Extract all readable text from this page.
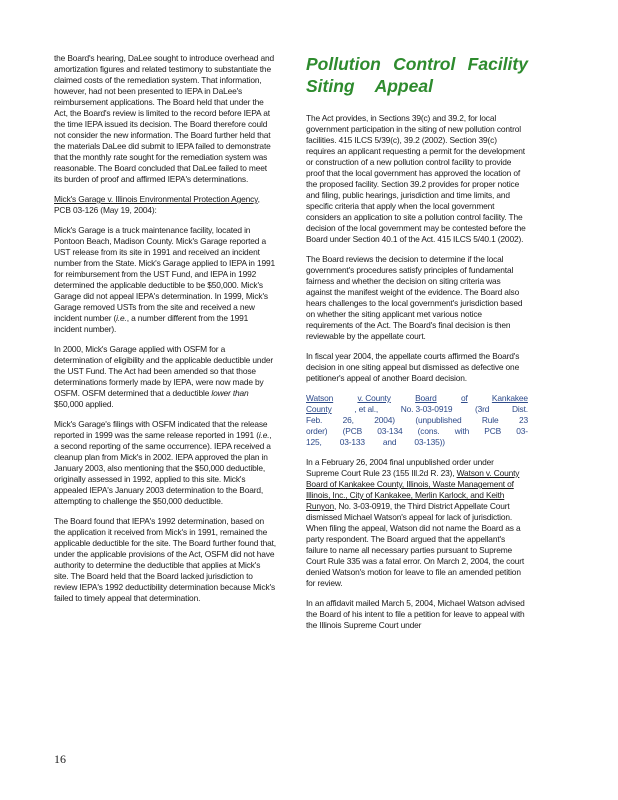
the Board's hearing, DaLee sought to introduce overhead and amortization figures and related testimony to substantiate the claimed costs of the remediation system. That information, however, had not been presented to IEPA in DaLee's reimbursement applications. The Board held that under the Act, the Board's review is limited to the record before IEPA at the time IEPA issued its decision. The Board therefore could not consider the new information. The Board further held that the materials DaLee did submit to IEPA failed to demonstrate that the monthly rate sought for the remediation system was reasonable. The Board concluded that DaLee failed to meet its burden of proof and affirmed IEPA's determinations.

Mick's Garage v. Illinois Environmental Protection Agency, PCB 03-126 (May 19, 2004):

Mick's Garage is a truck maintenance facility, located in Pontoon Beach, Madison County. Mick's Garage reported a UST release from its site in 1991 and received an incident number from the State. Mick's Garage applied to IEPA in 1991 for reimbursement from the UST Fund, and IEPA in 1992 determined the applicable deductible to be $50,000. Mick's Garage did not appeal IEPA's determination. In 1999, Mick's Garage removed USTs from the site and received a new incident number (i.e., a number different from the 1991 incident number).

In 2000, Mick's Garage applied with OSFM for a determination of eligibility and the applicable deductible under the UST Fund. The Act had been amended so that those determinations formerly made by IEPA, were now made by OSFM. OSFM determined that a deductible lower than $50,000 applied.

Mick's Garage's filings with OSFM indicated that the release reported in 1999 was the same release reported in 1991 (i.e., a second reporting of the same occurrence). IEPA received a cleanup plan from Mick's in 2002. IEPA approved the plan in January 2003, also mentioning that the $50,000 deductible, originally assessed in 1992, applied to this site. Mick's appealed IEPA's January 2003 determination to the Board, attempting to challenge the $50,000 deductible.

The Board found that IEPA's 1992 determination, based on the application it received from Mick's in 1991, remained the applicable deductible for the site. The Board further found that, under the applicable provisions of the Act, OSFM did not have authority to determine the deductible that applies at Mick's site. The Board held that the Board lacked jurisdiction to review IEPA's 1992 deductibility determination because Mick's failed to timely appeal that determination.

Pollution Control Facility
Siting Appeal

The Act provides, in Sections 39(c) and 39.2, for local government participation in the siting of new pollution control facilities. 415 ILCS 5/39(c), 39.2 (2002). Section 39(c) requires an applicant requesting a permit for the development or construction of a new pollution control facility to provide proof that the local government has approved the location of the proposed facility. Section 39.2 provides for proper notice and filing, public hearings, jurisdiction and time limits, and specific criteria that apply when the local government considers an application to site a pollution control facility. The decision of the local government may be contested before the Board under Section 40.1 of the Act. 415 ILCS 5/40.1 (2002).

The Board reviews the decision to determine if the local government's procedures satisfy principles of fundamental fairness and whether the decision on siting criteria was against the manifest weight of the evidence. The Board also hears challenges to the local government's jurisdiction based on whether the siting applicant met various notice requirements of the Act. The Board's final decision is then reviewable by the appellate court.

In fiscal year 2004, the appellate courts affirmed the Board's decision in one siting appeal but dismissed as defective one petitioner's appeal of another Board decision.

Watson	v. County	Board	of	Kankakee
County	, et al.,	No. 3-03-0919	(3rd	Dist.
Feb. 26, 2004) (unpublished Rule 23
order) (PCB 03-134 (cons. with PCB 03-
125, 03-133 and 03-135))

In a February 26, 2004 final unpublished order under Supreme Court Rule 23 (155 Ill.2d R. 23), Watson v. County Board of Kankakee County, Illinois, Waste Management of Illinois, Inc., City of Kankakee, Merlin Karlock, and Keith Runyon, No. 3-03-0919, the Third District Appellate Court dismissed Michael Watson's appeal for lack of jurisdiction. When filing the appeal, Watson did not name the Board as a party respondent. The Board argued that the appellant's failure to name all necessary parties pursuant to Supreme Court Rule 335 was a fatal error. On March 2, 2004, the court denied Watson's motion for leave to file an amended petition for review.

In an affidavit mailed March 5, 2004, Michael Watson advised the Board of his intent to file a petition for leave to appeal with the Illinois Supreme Court under

16
